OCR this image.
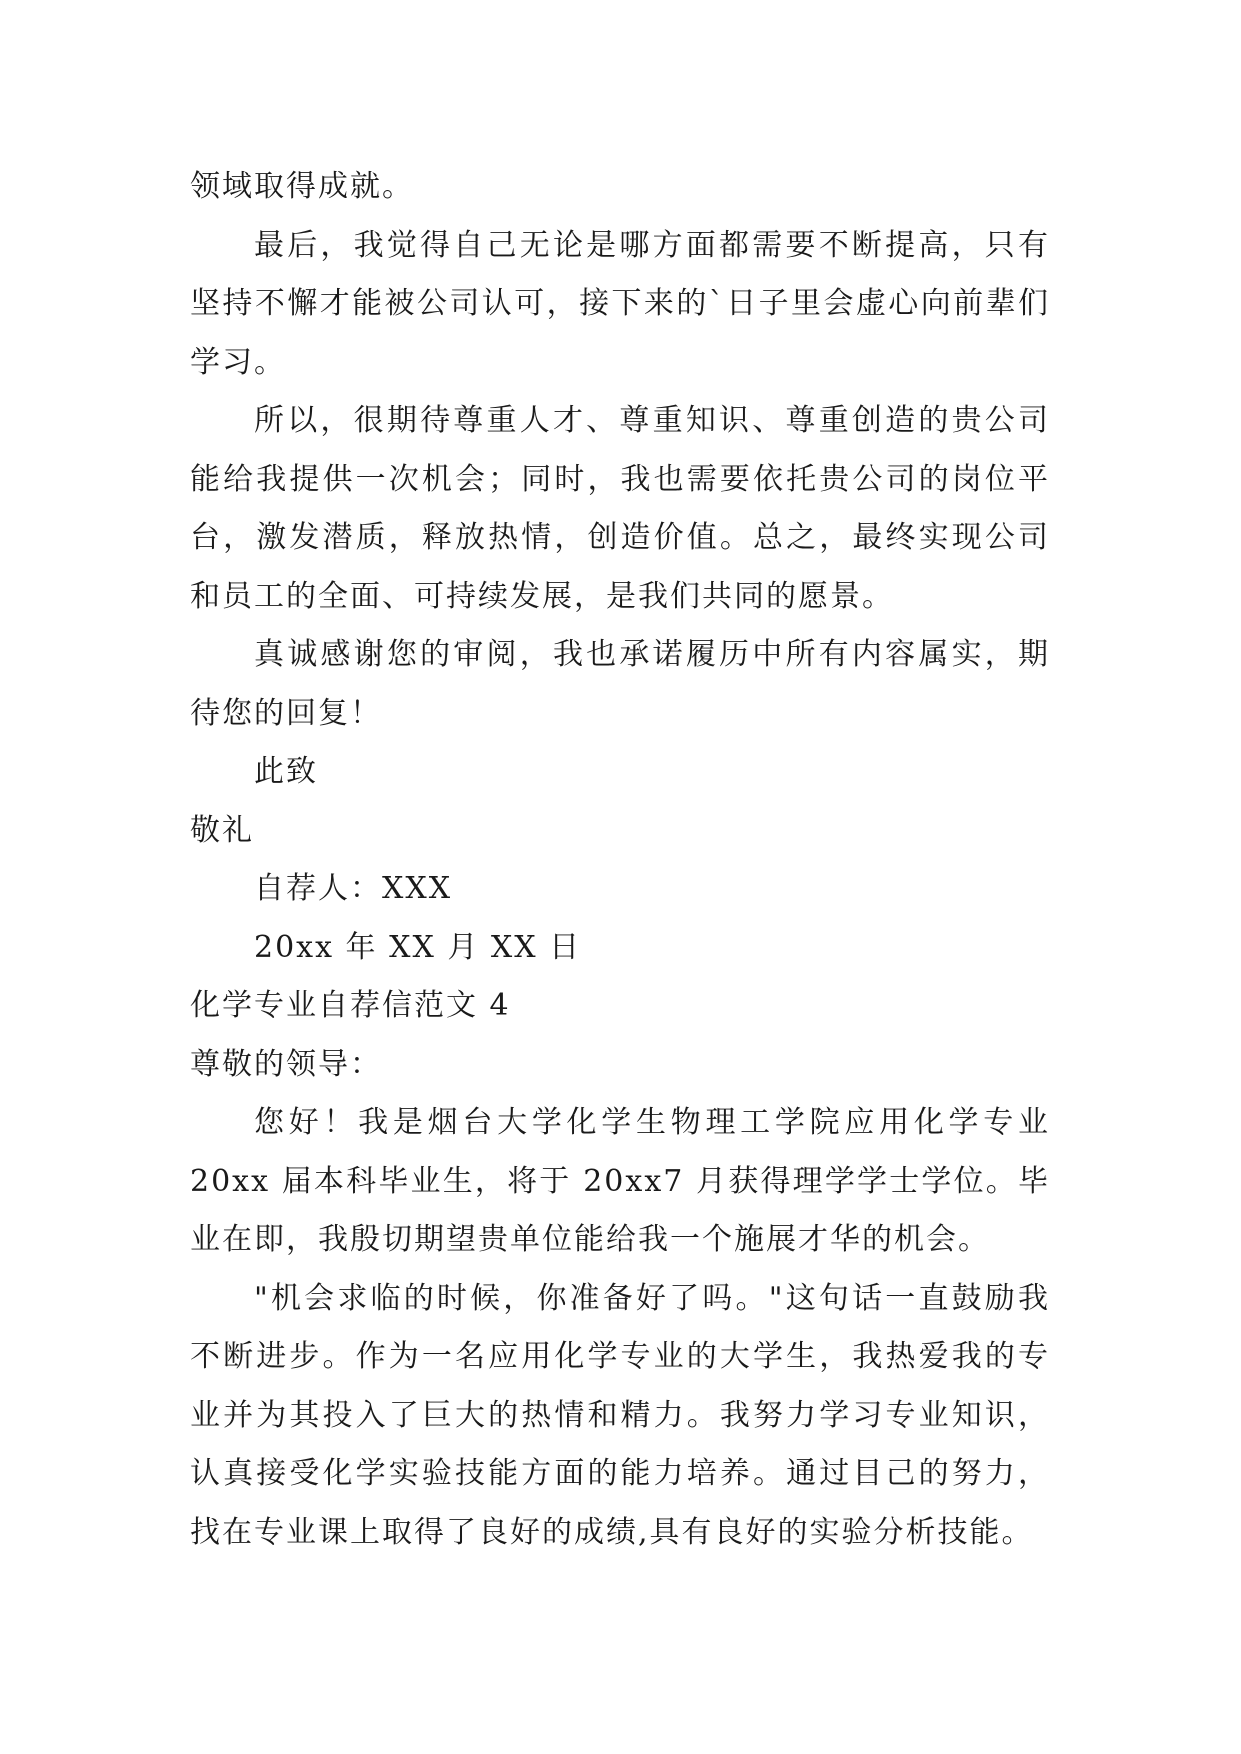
领域取得成就。

最后，我觉得自己无论是哪方面都需要不断提高，只有坚持不懈才能被公司认可，接下来的`日子里会虚心向前辈们学习。

所以，很期待尊重人才、尊重知识、尊重创造的贵公司能给我提供一次机会；同时，我也需要依托贵公司的岗位平台，激发潜质，释放热情，创造价值。总之，最终实现公司和员工的全面、可持续发展，是我们共同的愿景。

真诚感谢您的审阅，我也承诺履历中所有内容属实，期待您的回复！

此致

敬礼

自荐人：XXX

20xx 年 XX 月 XX 日

化学专业自荐信范文 4

尊敬的领导：

您好！我是烟台大学化学生物理工学院应用化学专业20xx 届本科毕业生，将于 20xx7 月获得理学学士学位。毕业在即，我殷切期望贵单位能给我一个施展才华的机会。

"机会求临的时候，你准备好了吗。"这句话一直鼓励我不断进步。作为一名应用化学专业的大学生，我热爱我的专业并为其投入了巨大的热情和精力。我努力学习专业知识，认真接受化学实验技能方面的能力培养。通过目己的努力，找在专业课上取得了良好的成绩,具有良好的实验分析技能。
